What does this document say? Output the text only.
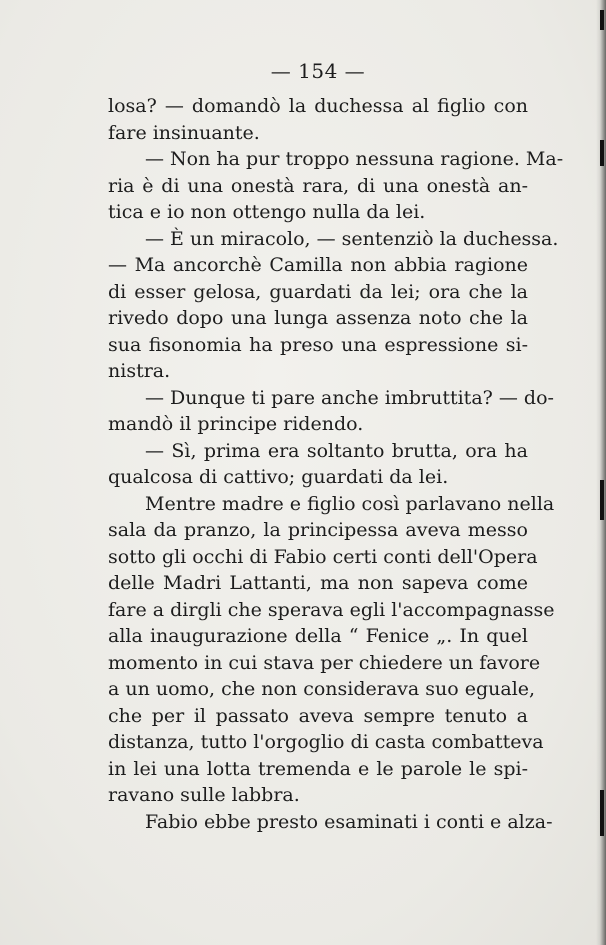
— 154 —
losa? — domandò la duchessa al figlio con
fare insinuante.
— Non ha pur troppo nessuna ragione. Ma-
ria è di una onestà rara, di una onestà an-
tica e io non ottengo nulla da lei.
— È un miracolo, — sentenziò la duchessa.
— Ma ancorchè Camilla non abbia ragione
di esser gelosa, guardati da lei; ora che la
rivedo dopo una lunga assenza noto che la
sua fisonomia ha preso una espressione si-
nistra.
— Dunque ti pare anche imbruttita? — do-
mandò il principe ridendo.
— Sì, prima era soltanto brutta, ora ha
qualcosa di cattivo; guardati da lei.
Mentre madre e figlio così parlavano nella
sala da pranzo, la principessa aveva messo
sotto gli occhi di Fabio certi conti dell'Opera
delle Madri Lattanti, ma non sapeva come
fare a dirgli che sperava egli l'accompagnasse
alla inaugurazione della “ Fenice „. In quel
momento in cui stava per chiedere un favore
a un uomo, che non considerava suo eguale,
che per il passato aveva sempre tenuto a
distanza, tutto l'orgoglio di casta combatteva
in lei una lotta tremenda e le parole le spi-
ravano sulle labbra.
Fabio ebbe presto esaminati i conti e alza-
